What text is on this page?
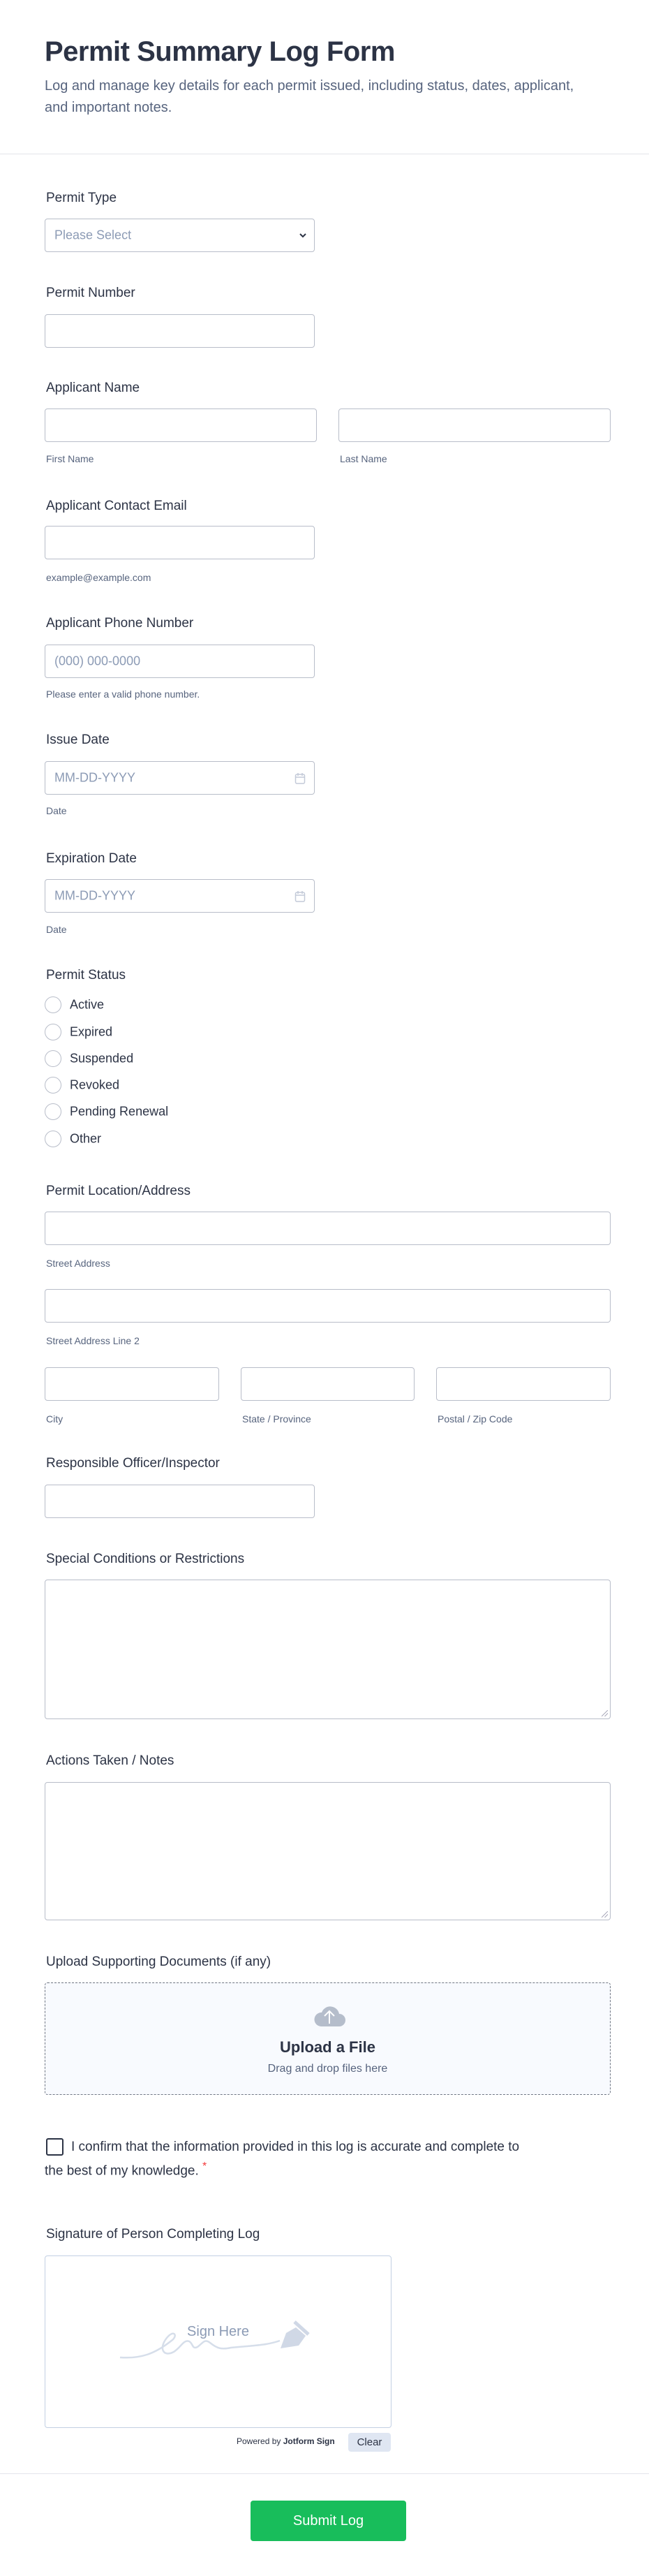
Permit Summary Log Form
Log and manage key details for each permit issued, including status, dates, applicant, and important notes.
Permit Type
Please Select
Permit Number
Applicant Name
First Name	Last Name
Applicant Contact Email
example@example.com
Applicant Phone Number
(000) 000-0000
Please enter a valid phone number.
Issue Date
MM-DD-YYYY
Date
Expiration Date
MM-DD-YYYY
Date
Permit Status
Active
Expired
Suspended
Revoked
Pending Renewal
Other
Permit Location/Address
Street Address
Street Address Line 2
City	State / Province	Postal / Zip Code
Responsible Officer/Inspector
Special Conditions or Restrictions
Actions Taken / Notes
Upload Supporting Documents (if any)
Upload a File
Drag and drop files here
I confirm that the information provided in this log is accurate and complete to the best of my knowledge. *
Signature of Person Completing Log
Sign Here
Powered by Jotform Sign	Clear
Submit Log
